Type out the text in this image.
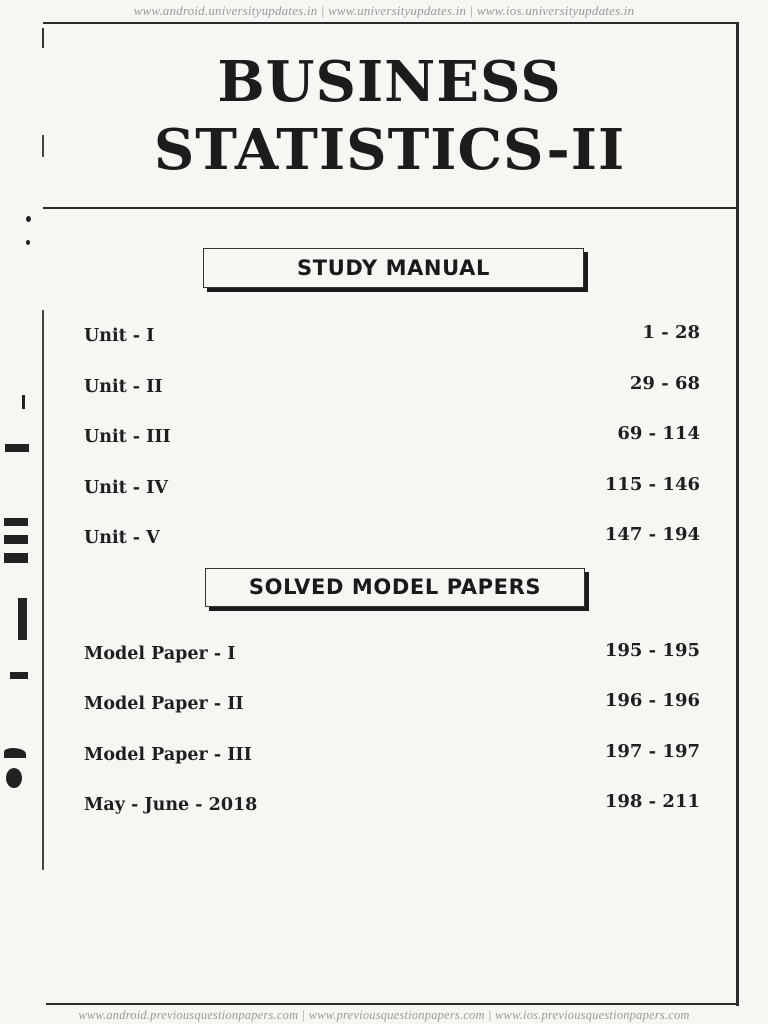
www.android.universityupdates.in | www.universityupdates.in | www.ios.universityupdates.in
BUSINESS
STATISTICS-II
STUDY MANUAL
Unit - I	1 - 28
Unit - II	29 - 68
Unit - III	69 - 114
Unit - IV	115 - 146
Unit - V	147 - 194
SOLVED MODEL PAPERS
Model Paper - I	195 - 195
Model Paper - II	196 - 196
Model Paper - III	197 - 197
May - June - 2018	198 - 211
www.android.previousquestionpapers.com | www.previousquestionpapers.com | www.ios.previousquestionpapers.com
